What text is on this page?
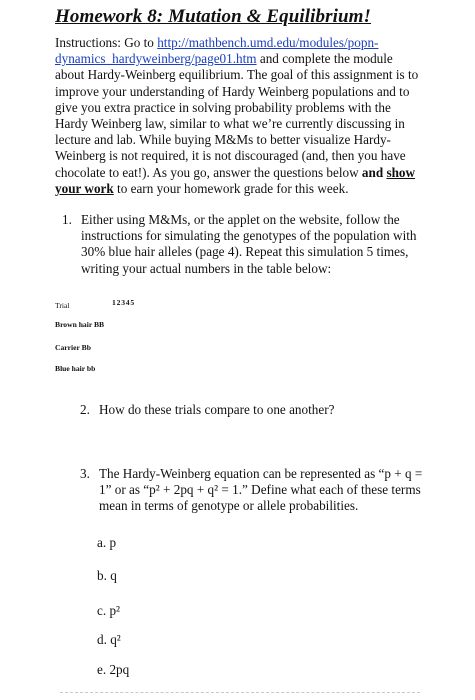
Homework 8: Mutation & Equilibrium!

Instructions: Go to http://mathbench.umd.edu/modules/popn-dynamics_hardyweinberg/page01.htm and complete the module about Hardy-Weinberg equilibrium. The goal of this assignment is to improve your understanding of Hardy Weinberg populations and to give you extra practice in solving probability problems with the Hardy Weinberg law, similar to what we’re currently discussing in lecture and lab. While buying M&Ms to better visualize Hardy-Weinberg is not required, it is not discouraged (and, then you have chocolate to eat!). As you go, answer the questions below and show your work to earn your homework grade for this week.

1. Either using M&Ms, or the applet on the website, follow the instructions for simulating the genotypes of the population with 30% blue hair alleles (page 4). Repeat this simulation 5 times, writing your actual numbers in the table below:
Trial	12345
Brown hair BB
Carrier Bb
Blue hair bb
2. How do these trials compare to one another?
3. The Hardy-Weinberg equation can be represented as “p + q = 1” or as “p² + 2pq + q² = 1.” Define what each of these terms mean in terms of genotype or allele probabilities.
a. p
b. q
c. p²
d. q²
e. 2pq
